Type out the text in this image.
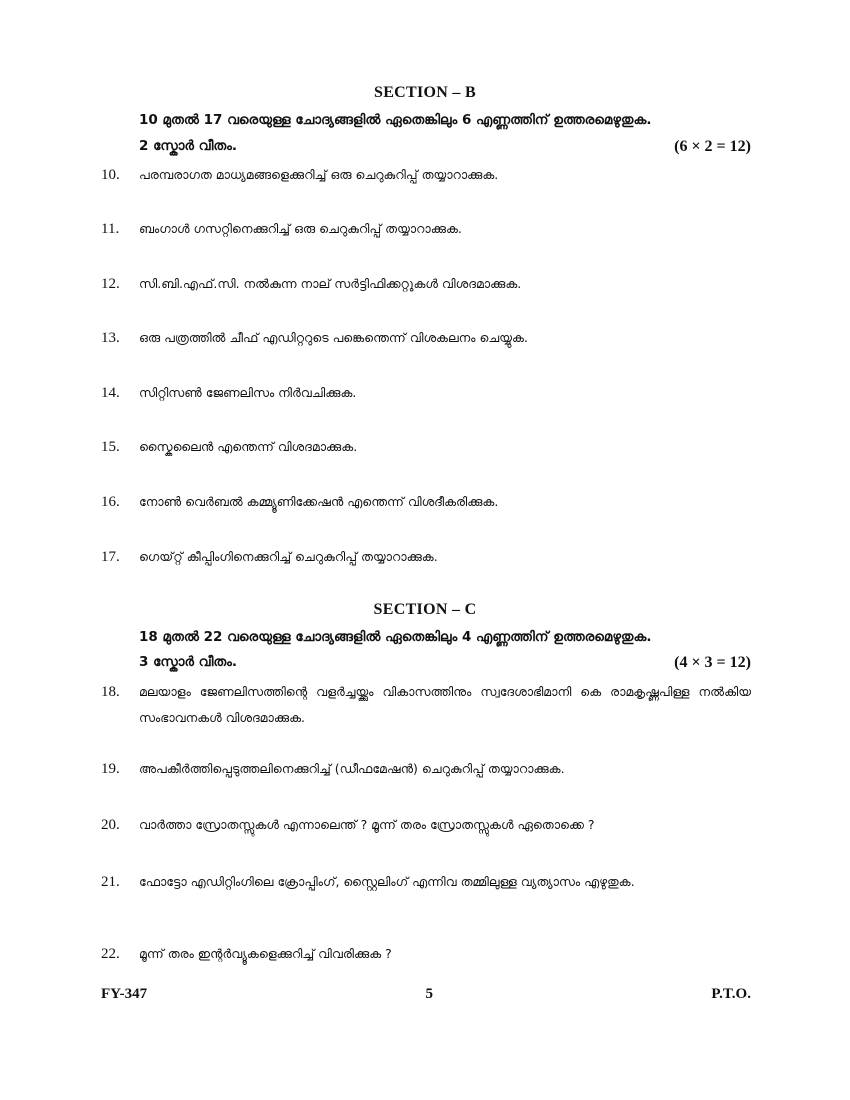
SECTION – B
10 മുതൽ 17 വരെയുള്ള ചോദ്യങ്ങളിൽ ഏതെങ്കിലും 6 എണ്ണത്തിന് ഉത്തരമെഴുതുക.
2 സ്കോർ വീതം.	(6 × 2 = 12)
10.	പരമ്പരാഗത മാധ്യമങ്ങളെക്കുറിച്ച് ഒരു ചെറുകുറിപ്പ് തയ്യാറാക്കുക.
11.	ബംഗാൾ ഗസറ്റിനെക്കുറിച്ച് ഒരു ചെറുകുറിപ്പ് തയ്യാറാക്കുക.
12.	സി.ബി.എഫ്.സി. നൽകുന്ന നാല് സർട്ടിഫിക്കറ്റുകൾ വിശദമാക്കുക.
13.	ഒരു പത്രത്തിൽ ചീഫ് എഡിറ്ററുടെ പങ്കെന്തെന്ന് വിശകലനം ചെയ്യുക.
14.	സിറ്റിസൺ ജേണലിസം നിർവചിക്കുക.
15.	സ്കൈലൈൻ എന്തെന്ന് വിശദമാക്കുക.
16.	നോൺ വെർബൽ കമ്മ്യൂണിക്കേഷൻ എന്തെന്ന് വിശദീകരിക്കുക.
17.	ഗെയ്റ്റ് കീപ്പിംഗിനെക്കുറിച്ച് ചെറുകുറിപ്പ് തയ്യാറാക്കുക.
SECTION – C
18 മുതൽ 22 വരെയുള്ള ചോദ്യങ്ങളിൽ ഏതെങ്കിലും 4 എണ്ണത്തിന് ഉത്തരമെഴുതുക.
3 സ്കോർ വീതം.	(4 × 3 = 12)
18.	മലയാളം ജേണലിസത്തിന്റെ വളർച്ചയ്ക്കും വികാസത്തിനും സ്വദേശാഭിമാനി കെ രാമകൃഷ്ണപിള്ള നൽകിയ സംഭാവനകൾ വിശദമാക്കുക.
19.	അപകീർത്തിപ്പെടുത്തലിനെക്കുറിച്ച് (ഡീഫമേഷൻ) ചെറുകുറിപ്പ് തയ്യാറാക്കുക.
20.	വാർത്താ സ്രോതസ്സുകൾ എന്നാലെന്ത് ? മൂന്ന് തരം സ്രോതസ്സുകൾ ഏതൊക്കെ ?
21.	ഫോട്ടോ എഡിറ്റിംഗിലെ ക്രോപ്പിംഗ്, സ്റ്റൈലിംഗ് എന്നിവ തമ്മിലുള്ള വ്യത്യാസം എഴുതുക.
22.	മൂന്ന് തരം ഇന്റർവ്യൂകളെക്കുറിച്ച് വിവരിക്കുക ?
FY-347	5	P.T.O.
